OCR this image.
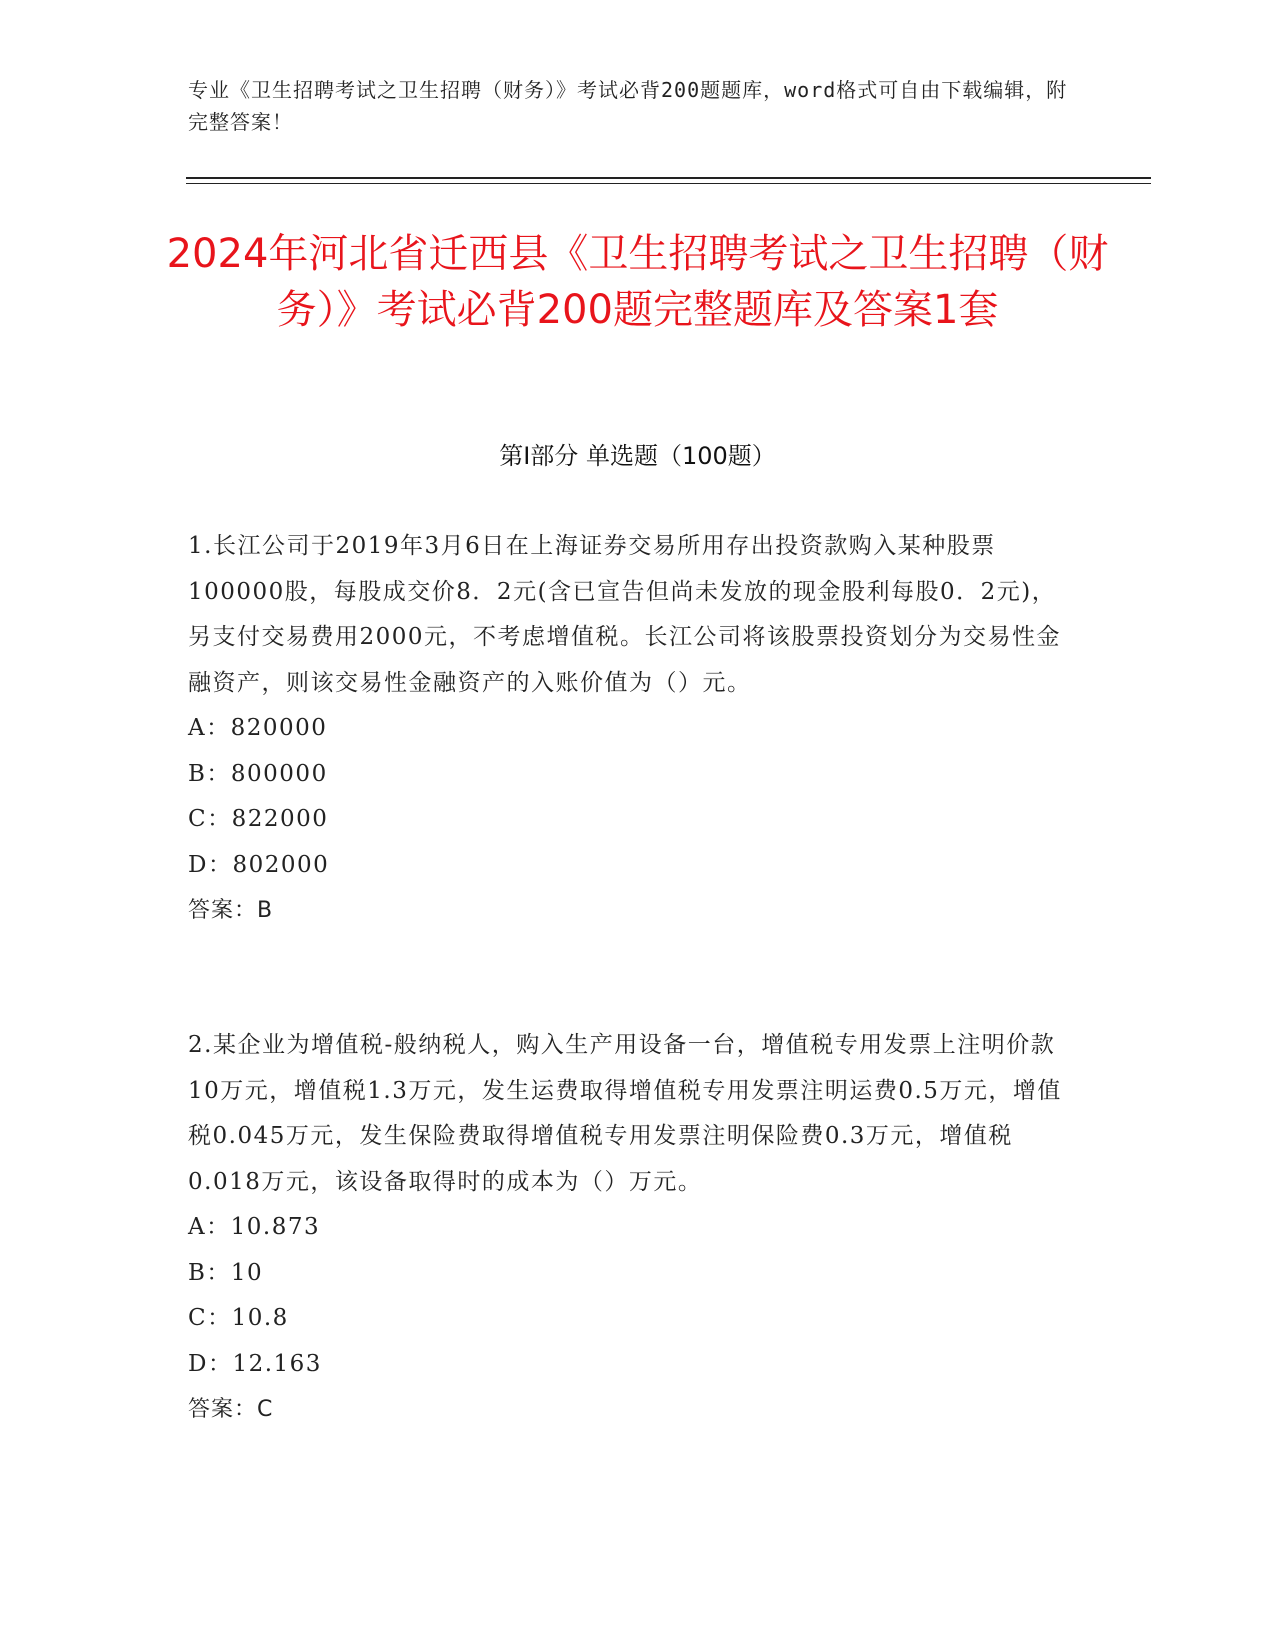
专业《卫生招聘考试之卫生招聘（财务）》考试必背200题题库，word格式可自由下载编辑，附完整答案！
2024年河北省迁西县《卫生招聘考试之卫生招聘（财务）》考试必背200题完整题库及答案1套
第I部分 单选题（100题）
1.长江公司于2019年3月6日在上海证券交易所用存出投资款购入某种股票100000股，每股成交价8．2元(含已宣告但尚未发放的现金股利每股0．2元)，另支付交易费用2000元，不考虑增值税。长江公司将该股票投资划分为交易性金融资产，则该交易性金融资产的入账价值为（）元。
A：820000
B：800000
C：822000
D：802000
答案：B
2.某企业为增值税-般纳税人，购入生产用设备一台，增值税专用发票上注明价款10万元，增值税1.3万元，发生运费取得增值税专用发票注明运费0.5万元，增值税0.045万元，发生保险费取得增值税专用发票注明保险费0.3万元，增值税0.018万元，该设备取得时的成本为（）万元。
A：10.873
B：10
C：10.8
D：12.163
答案：C
